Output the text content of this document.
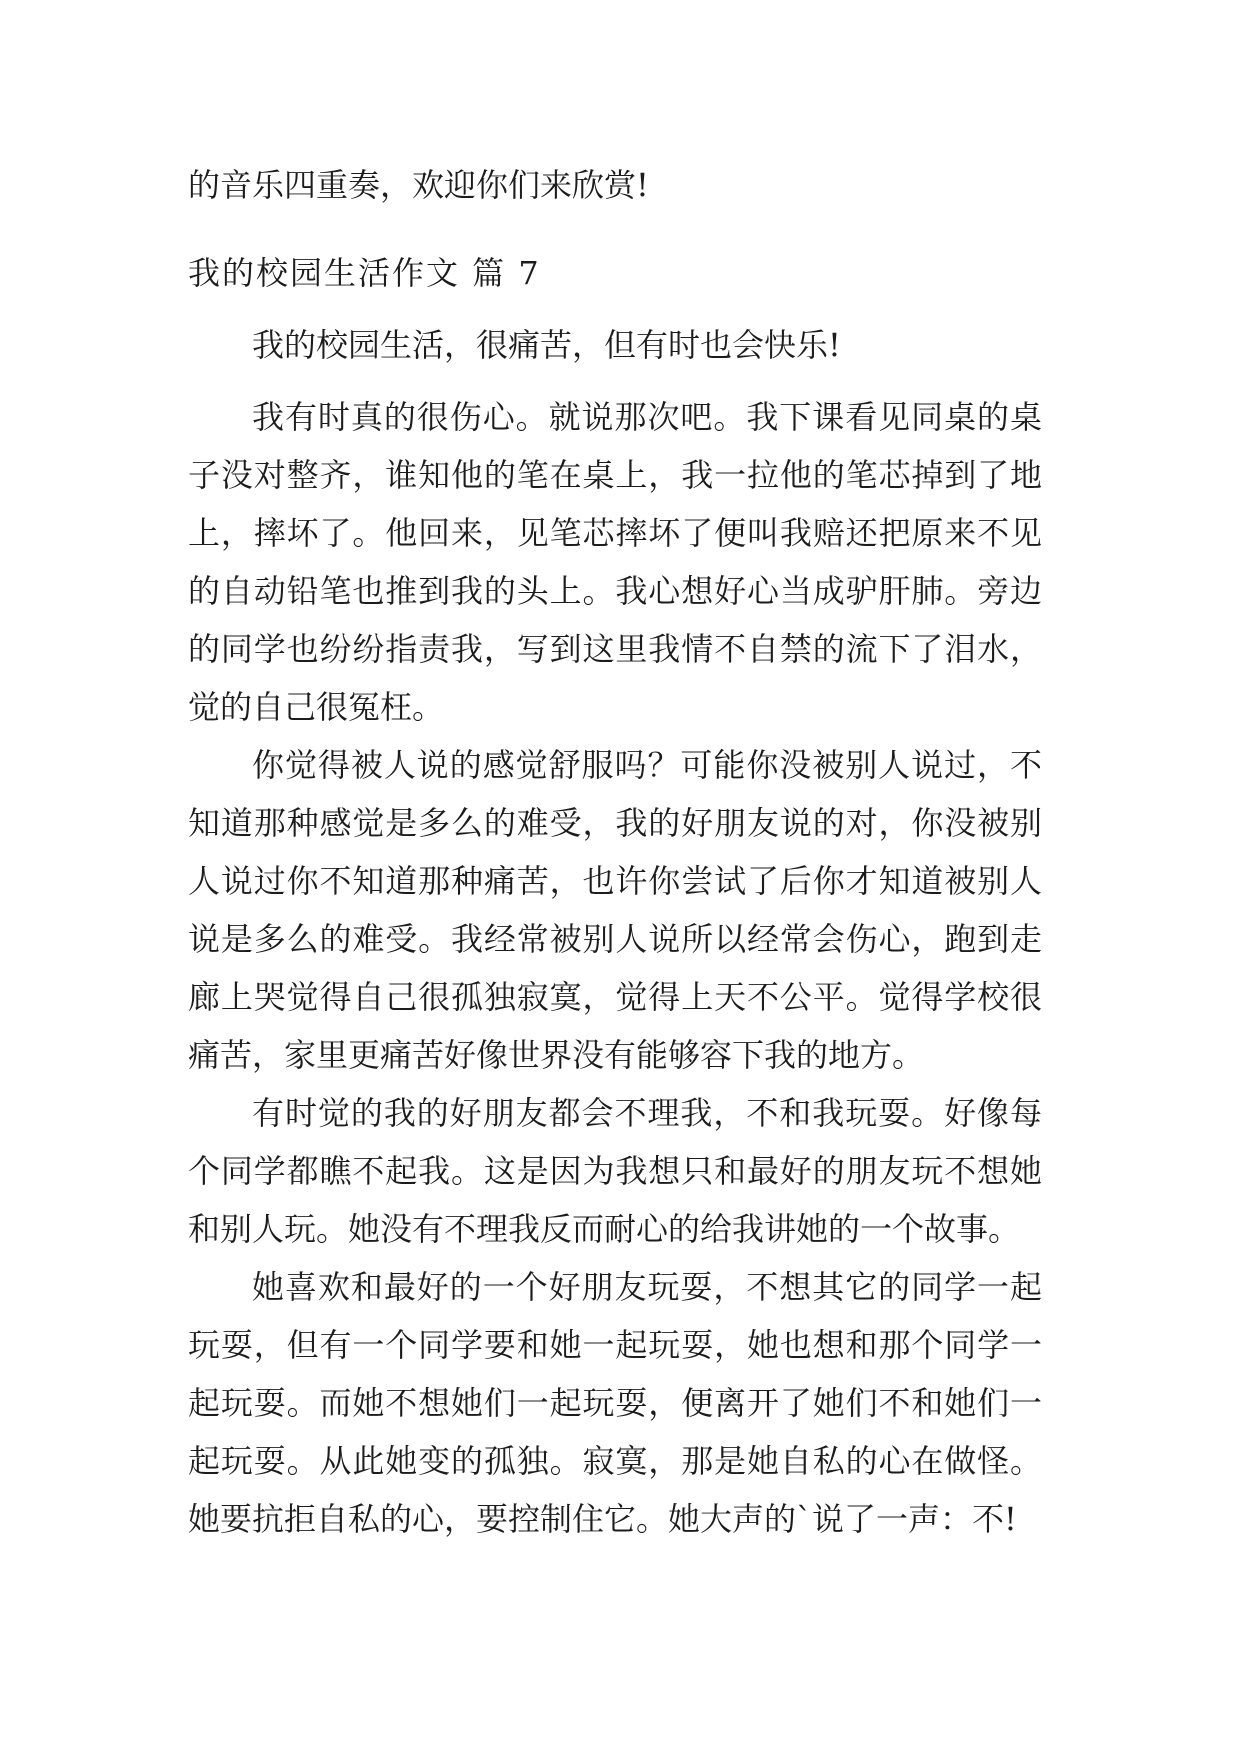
的音乐四重奏，欢迎你们来欣赏!
我的校园生活作文 篇 7
我的校园生活，很痛苦，但有时也会快乐!
我有时真的很伤心。就说那次吧。我下课看见同桌的桌
子没对整齐，谁知他的笔在桌上，我一拉他的笔芯掉到了地
上，摔坏了。他回来，见笔芯摔坏了便叫我赔还把原来不见
的自动铅笔也推到我的头上。我心想好心当成驴肝肺。旁边
的同学也纷纷指责我，写到这里我情不自禁的流下了泪水，
觉的自己很冤枉。
你觉得被人说的感觉舒服吗？可能你没被别人说过，不
知道那种感觉是多么的难受，我的好朋友说的对，你没被别
人说过你不知道那种痛苦，也许你尝试了后你才知道被别人
说是多么的难受。我经常被别人说所以经常会伤心，跑到走
廊上哭觉得自己很孤独寂寞，觉得上天不公平。觉得学校很
痛苦，家里更痛苦好像世界没有能够容下我的地方。
有时觉的我的好朋友都会不理我，不和我玩耍。好像每
个同学都瞧不起我。这是因为我想只和最好的朋友玩不想她
和别人玩。她没有不理我反而耐心的给我讲她的一个故事。
她喜欢和最好的一个好朋友玩耍，不想其它的同学一起
玩耍，但有一个同学要和她一起玩耍，她也想和那个同学一
起玩耍。而她不想她们一起玩耍，便离开了她们不和她们一
起玩耍。从此她变的孤独。寂寞，那是她自私的心在做怪。
她要抗拒自私的心，要控制住它。她大声的`说了一声：不!
